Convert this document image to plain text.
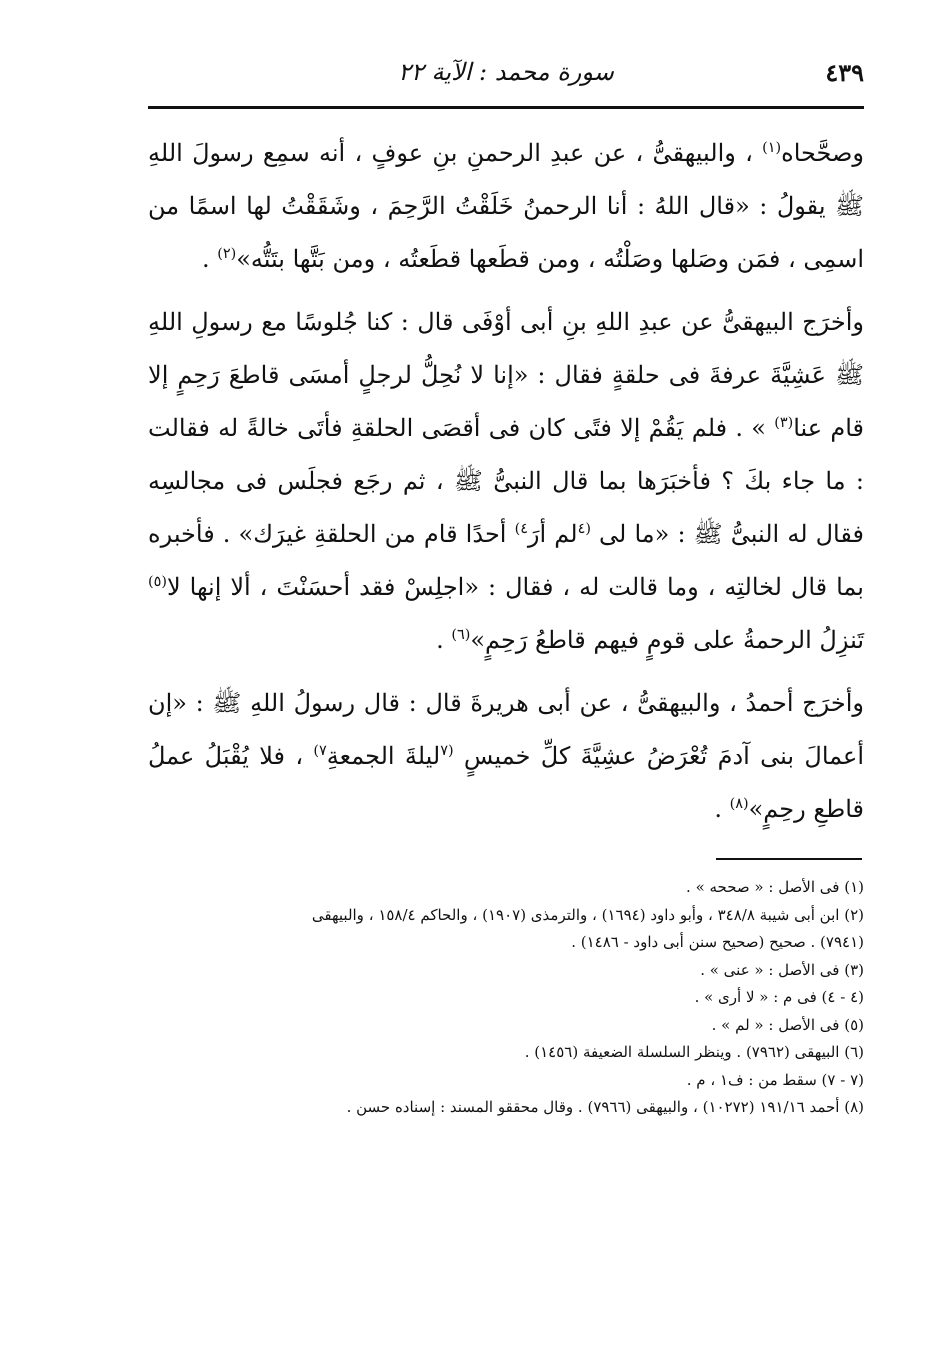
٤٣٩
سورة محمد : الآية ٢٢

وصحَّحاه$^{(١)}$ ، والبيهقىُّ ، عن عبدِ الرحمنِ بنِ عوفٍ ، أنه سمِع رسولَ اللهِ ﷺ يقولُ : «قال اللهُ : أنا الرحمنُ خَلَقْتُ الرَّحِمَ ، وشَقَقْتُ لها اسمًا من اسمِى ، فمَن وصَلها وصَلْتُه ، ومن قطَعها قطَعتُه ، ومن بَتَّها بتَتُّه»$^{(٢)}$ .

وأخرَج البيهقىُّ عن عبدِ اللهِ بنِ أبى أوْفَى قال : كنا جُلوسًا مع رسولِ اللهِ ﷺ عَشِيَّةَ عرفةَ فى حلقةٍ فقال : «إنا لا نُحِلُّ لرجلٍ أمسَى قاطعَ رَحِمٍ إلا قام عنا$^{(٣)}$ » . فلم يَقُمْ إلا فتًى كان فى أقصَى الحلقةِ فأتَى خالةً له فقالت : ما جاء بكَ ؟ فأخبَرَها بما قال النبىُّ ﷺ ، ثم رجَع فجلَس فى مجالسِه فقال له النبىُّ ﷺ : «ما لى $^{(٤}$لم أرَ$^{٤)}$ أحدًا قام من الحلقةِ غيرَك» . فأخبره بما قال لخالتِه ، وما قالت له ، فقال : «اجلِسْ فقد أحسَنْتَ ، ألا إنها لا$^{(٥)}$ تَنزِلُ الرحمةُ على قومٍ فيهم قاطعُ رَحِمٍ»$^{(٦)}$ .

وأخرَج أحمدُ ، والبيهقىُّ ، عن أبى هريرةَ قال : قال رسولُ اللهِ ﷺ : «إن أعمالَ بنى آدمَ تُعْرَضُ عشِيَّةَ كلِّ خميسٍ $^{(٧}$ليلةَ الجمعةِ$^{٧)}$ ، فلا يُقْبَلُ عملُ قاطعِ رحِمٍ»$^{(٨)}$ .

(١) فى الأصل : « صححه » .

(٢) ابن أبى شيبة ٣٤٨/٨ ، وأبو داود (١٦٩٤) ، والترمذى (١٩٠٧) ، والحاكم ١٥٨/٤ ، والبيهقى

(٧٩٤١) . صحيح (صحيح سنن أبى داود - ١٤٨٦) .

(٣) فى الأصل : « عنى » .

(٤ - ٤) فى م : « لا أرى » .

(٥) فى الأصل : « لم » .

(٦) البيهقى (٧٩٦٢) . وينظر السلسلة الضعيفة (١٤٥٦) .

(٧ - ٧) سقط من : ف١ ، م .

(٨) أحمد ١٩١/١٦ (١٠٢٧٢) ، والبيهقى (٧٩٦٦) . وقال محققو المسند : إسناده حسن .
